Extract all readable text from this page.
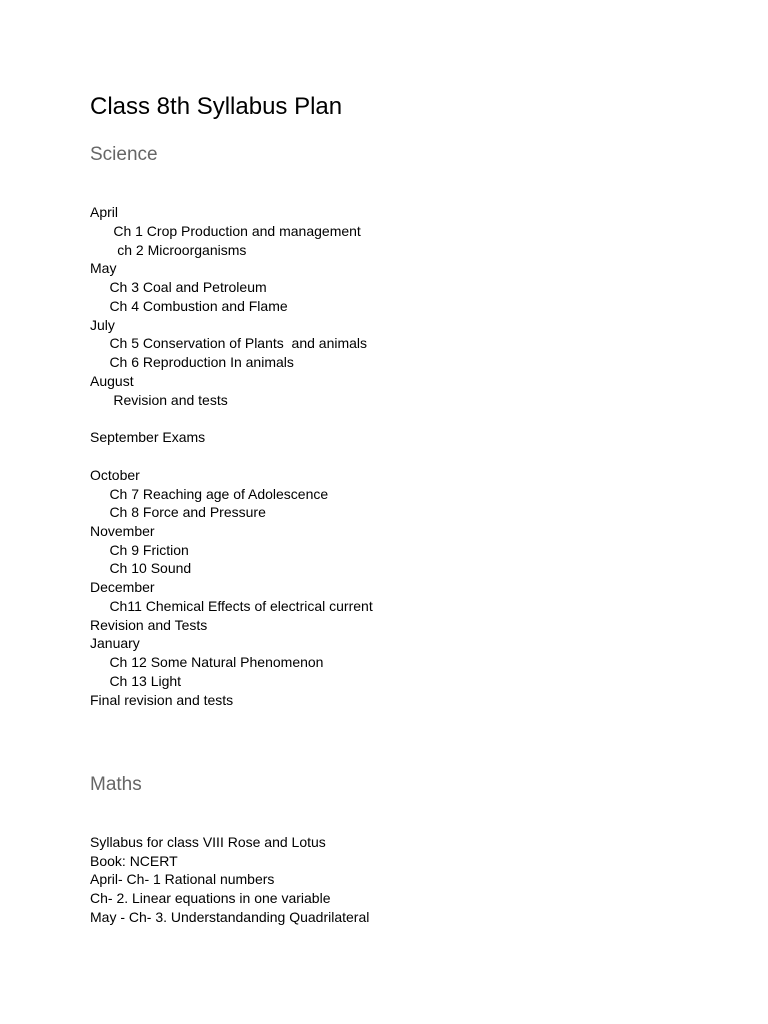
Class 8th Syllabus Plan
Science
April
Ch 1 Crop Production and management
ch 2 Microorganisms
May
Ch 3 Coal and Petroleum
Ch 4 Combustion and Flame
July
Ch 5 Conservation of Plants  and animals
Ch 6 Reproduction In animals
August
Revision and tests
September Exams
October
Ch 7 Reaching age of Adolescence
Ch 8 Force and Pressure
November
Ch 9 Friction
Ch 10 Sound
December
Ch11 Chemical Effects of electrical current
Revision and Tests
January
Ch 12 Some Natural Phenomenon
Ch 13 Light
Final revision and tests
Maths
Syllabus for class VIII Rose and Lotus
Book: NCERT
April- Ch- 1 Rational numbers
Ch- 2. Linear equations in one variable
May - Ch- 3. Understandanding Quadrilateral
